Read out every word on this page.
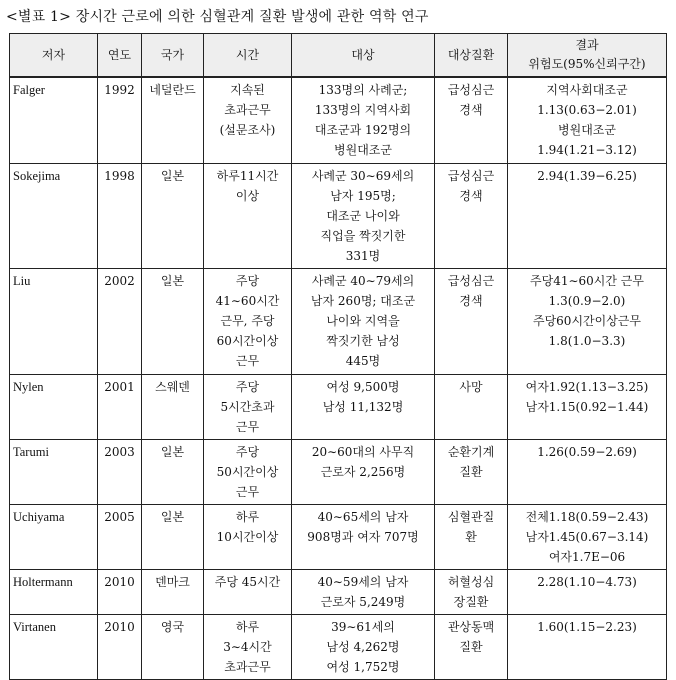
<별표 1> 장시간 근로에 의한 심혈관계 질환 발생에 관한 역학 연구
저자	연도	국가	시간	대상	대상질환	결과
위험도(95%신뢰구간)

Falger	1992	네덜란드	지속된
초과근무
(설문조사)	133명의 사례군;
133명의 지역사회
대조군과 192명의
병원대조군	급성심근
경색	지역사회대조군
1.13(0.63−2.01)
병원대조군
1.94(1.21−3.12)

Sokejima	1998	일본	하루11시간
이상	사례군 30∼69세의
남자 195명;
대조군 나이와
직업을 짝짓기한
331명	급성심근
경색	2.94(1.39−6.25)

Liu	2002	일본	주당
41∼60시간
근무, 주당
60시간이상
근무	사례군 40∼79세의
남자 260명; 대조군
나이와 지역을
짝짓기한 남성
445명	급성심근
경색	주당41∼60시간 근무
1.3(0.9−2.0)
주당60시간이상근무
1.8(1.0−3.3)

Nylen	2001	스웨덴	주당
5시간초과
근무	여성 9,500명
남성 11,132명	사망	여자1.92(1.13−3.25)
남자1.15(0.92−1.44)

Tarumi	2003	일본	주당
50시간이상
근무	20∼60대의 사무직
근로자 2,256명	순환기계
질환	1.26(0.59−2.69)

Uchiyama	2005	일본	하루
10시간이상	40∼65세의 남자
908명과 여자 707명	심혈관질
환	전체1.18(0.59−2.43)
남자1.45(0.67−3.14)
여자1.7E−06

Holtermann	2010	덴마크	주당 45시간	40∼59세의 남자
근로자 5,249명	허혈성심
장질환	2.28(1.10−4.73)

Virtanen	2010	영국	하루
3∼4시간
초과근무	39∼61세의
남성 4,262명
여성 1,752명	관상동맥
질환	1.60(1.15−2.23)
